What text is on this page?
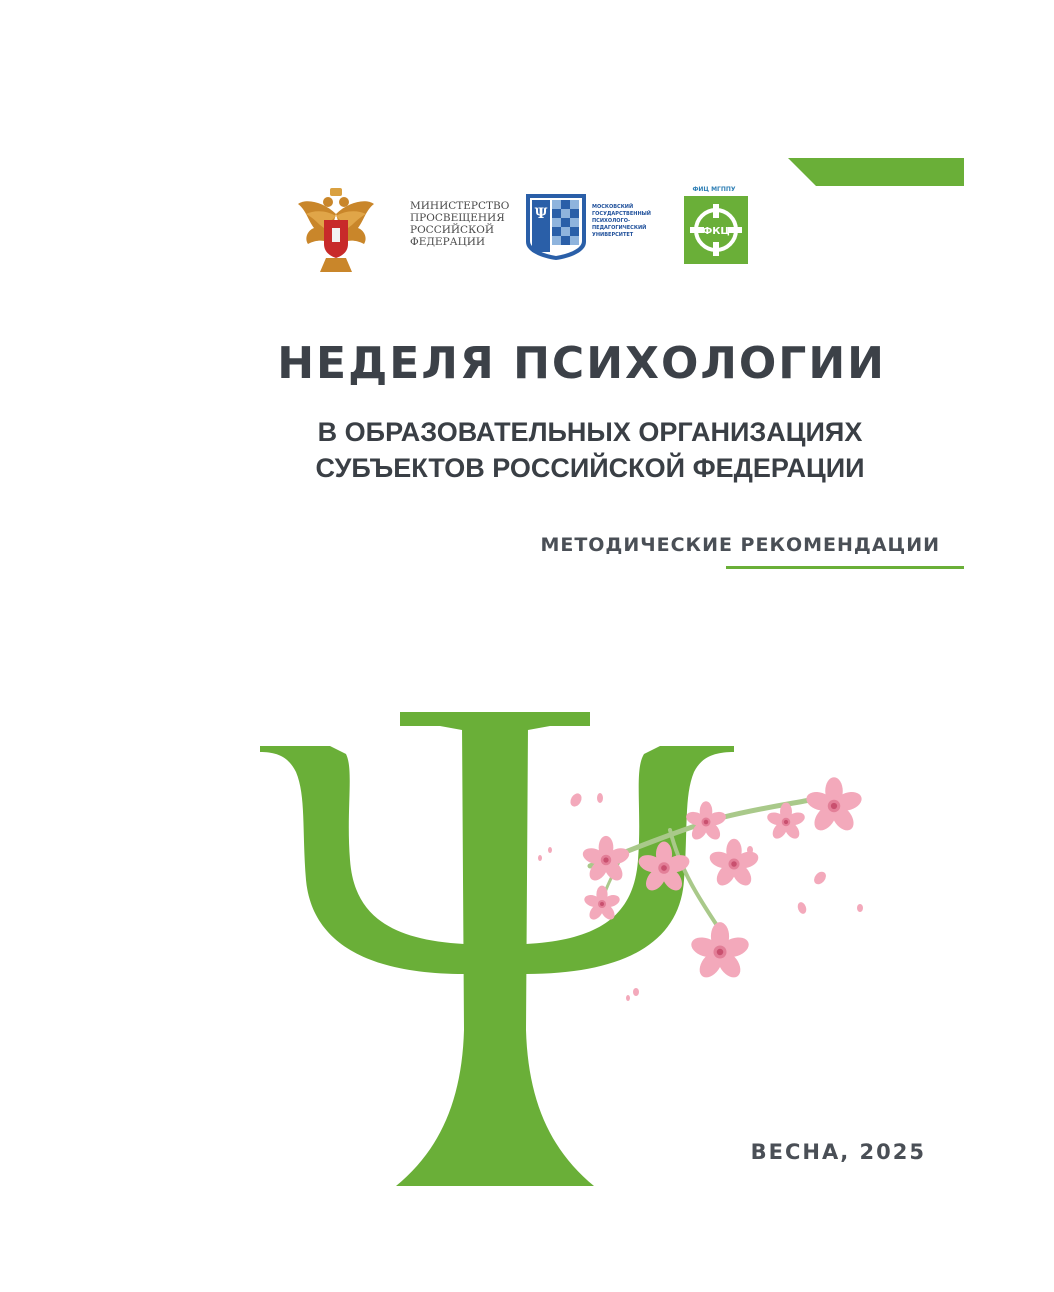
МИНИСТЕРСТВО
ПРОСВЕЩЕНИЯ
РОССИЙСКОЙ
ФЕДЕРАЦИИ
Ψ	МОСКОВСКИЙ
ГОСУДАРСТВЕННЫЙ
ПСИХОЛОГО-
ПЕДАГОГИЧЕСКИЙ
УНИВЕРСИТЕТ
ФИЦ МГППУ
ФКЦ
НЕДЕЛЯ ПСИХОЛОГИИ
В ОБРАЗОВАТЕЛЬНЫХ ОРГАНИЗАЦИЯХ
СУБЪЕКТОВ РОССИЙСКОЙ ФЕДЕРАЦИИ
МЕТОДИЧЕСКИЕ РЕКОМЕНДАЦИИ
ВЕСНА, 2025
